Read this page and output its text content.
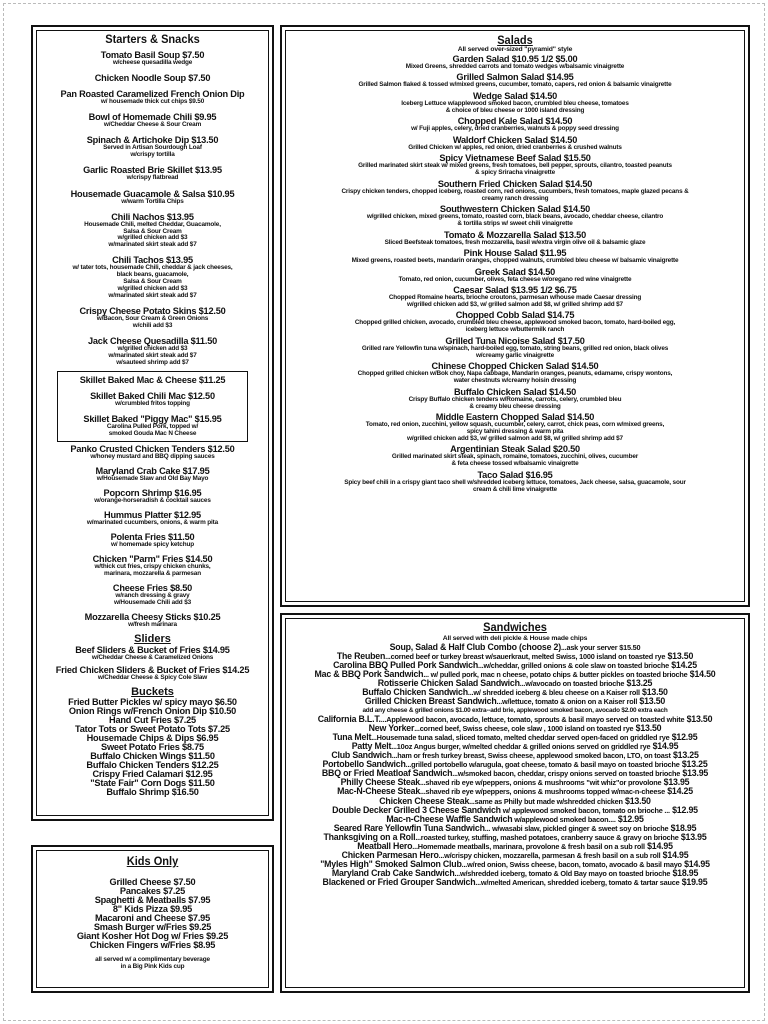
Starters & Snacks
Tomato Basil Soup $7.50
w/cheese quesadilla wedge
Chicken Noodle Soup $7.50
Pan Roasted Caramelized French Onion Dip
w/ housemade thick cut chips $9.50
Bowl of Homemade Chili $9.95
w/Cheddar Cheese & Sour Cream
Spinach & Artichoke Dip $13.50
Served in Artisan Sourdough Loaf
w/crispy tortilla
Garlic Roasted Brie Skillet $13.95
w/crispy flatbread
Housemade Guacamole & Salsa $10.95
w/warm Tortilla Chips
Chili Nachos $13.95
Housemade Chili, melted Cheddar, Guacamole,
Salsa & Sour Cream
w/grilled chicken add $3
w/marinated skirt steak add $7
Chili Tachos $13.95
w/ tater tots, housemade Chili, cheddar & jack cheeses,
black beans, guacamole,
Salsa & Sour Cream
w/grilled chicken add $3
w/marinated skirt steak add $7
Crispy Cheese Potato Skins $12.50
w/Bacon, Sour Cream & Green Onions
w/chili add $3
Jack Cheese Quesadilla $11.50
w/grilled chicken add $3
w/marinated skirt steak add $7
w/sauteed shrimp add $7
Skillet Baked Mac & Cheese $11.25
Skillet Baked Chili Mac $12.50
w/crumbled fritos topping
Skillet Baked "Piggy Mac" $15.95
Carolina Pulled Pork, topped w/
smoked Gouda Mac N Cheese
Panko Crusted Chicken Tenders $12.50
w/honey mustard and BBQ dipping sauces
Maryland Crab Cake $17.95
w/Housemade Slaw and Old Bay Mayo
Popcorn Shrimp $16.95
w/orange-horseradish & cocktail sauces
Hummus Platter $12.95
w/marinated cucumbers, onions, & warm pita
Polenta Fries $11.50
w/ homemade spicy ketchup
Chicken "Parm" Fries $14.50
w/thick cut fries, crispy chicken chunks,
marinara, mozzarella & parmesan
Cheese Fries $8.50
w/ranch dressing & gravy
w/Housemade Chili add $3
Mozzarella Cheesy Sticks $10.25
w/fresh marinara
Sliders
Beef Sliders & Bucket of Fries $14.95
w/Cheddar Cheese & Caramelized Onions
Fried Chicken Sliders & Bucket of Fries $14.25
w/Cheddar Cheese & Spicy Cole Slaw
Buckets
Fried Butter Pickles w/ spicy mayo $6.50
Onion Rings w/French Onion Dip $10.50
Hand Cut Fries $7.25
Tator Tots or Sweet Potato Tots $7.25
Housemade Chips & Dips $6.95
Sweet Potato Fries $8.75
Buffalo Chicken Wings $11.50
Buffalo Chicken Tenders $12.25
Crispy Fried Calamari $12.95
"State Fair" Corn Dogs $11.50
Buffalo Shrimp $16.50
Kids Only
Grilled Cheese $7.50
Pancakes $7.25
Spaghetti & Meatballs $7.95
8" Kids Pizza $9.95
Macaroni and Cheese $7.95
Smash Burger w/Fries $9.25
Giant Kosher Hot Dog w/ Fries $9.25
Chicken Fingers w/Fries $8.95
all served w/ a complimentary beverage
in a Big Pink Kids cup
Salads
All served over-sized "pyramid" style
Garden Salad $10.95 1/2 $5.00
Mixed Greens, shredded carrots and tomato wedges w/balsamic vinaigrette
Grilled Salmon Salad $14.95
Grilled Salmon flaked & tossed w/mixed greens, cucumber, tomato, capers, red onion & balsamic vinaigrette
Wedge Salad $14.50
Iceberg Lettuce w/applewood smoked bacon, crumbled bleu cheese, tomatoes
& choice of bleu cheese or 1000 island dressing
Chopped Kale Salad $14.50
w/ Fuji apples, celery, dried cranberries, walnuts & poppy seed dressing
Waldorf Chicken Salad $14.50
Grilled Chicken w/ apples, red onion, dried cranberries & crushed walnuts
Spicy Vietnamese Beef Salad $15.50
Grilled marinated skirt steak w/ mixed greens, fresh tomatoes, bell pepper, sprouts, cilantro, toasted peanuts
& spicy Sriracha vinaigrette
Southern Fried Chicken Salad $14.50
Crispy chicken tenders, chopped iceberg, roasted corn, red onions, cucumbers, fresh tomatoes, maple glazed pecans &
creamy ranch dressing
Southwestern Chicken Salad $14.50
w/grilled chicken, mixed greens, tomato, roasted corn, black beans, avocado, cheddar cheese, cilantro
& tortilla strips w/ sweet chili vinaigrette
Tomato & Mozzarella Salad $13.50
Sliced Beefsteak tomatoes, fresh mozzarella, basil w/extra virgin olive oil & balsamic glaze
Pink House Salad $11.95
Mixed greens, roasted beets, mandarin oranges, chopped walnuts, crumbled bleu cheese w/ balsamic vinaigrette
Greek Salad $14.50
Tomato, red onion, cucumber, olives, feta cheese w/oregano red wine vinaigrette
Caesar Salad $13.95 1/2 $6.75
Chopped Romaine hearts, brioche croutons, parmesan w/house made Caesar dressing
w/grilled chicken add $3, w/ grilled salmon add $8, w/ grilled shrimp add $7
Chopped Cobb Salad $14.75
Chopped grilled chicken, avocado, crumbled bleu cheese, applewood smoked bacon, tomato, hard-boiled egg,
iceberg lettuce w/buttermilk ranch
Grilled Tuna Nicoise Salad $17.50
Grilled rare Yellowfin tuna w/spinach, hard-boiled egg, tomato, string beans, grilled red onion, black olives
w/creamy garlic vinaigrette
Chinese Chopped Chicken Salad $14.50
Chopped grilled chicken w/Bok choy, Napa cabbage, Mandarin oranges, peanuts, edamame, crispy wontons,
water chestnuts w/creamy hoisin dressing
Buffalo Chicken Salad $14.50
Crispy Buffalo chicken tenders w/Romaine, carrots, celery, crumbled bleu
& creamy bleu cheese dressing
Middle Eastern Chopped Salad $14.50
Tomato, red onion, zucchini, yellow squash, cucumber, celery, carrot, chick peas, corn w/mixed greens,
spicy tahini dressing & warm pita
w/grilled chicken add $3, w/ grilled salmon add $8, w/ grilled shrimp add $7
Argentinian Steak Salad $20.50
Grilled marinated skirt steak, spinach, romaine, tomatoes, zucchini, olives, cucumber
& feta cheese tossed w/balsamic vinaigrette
Taco Salad $16.95
Spicy beef chili in a crispy giant taco shell w/shredded iceberg lettuce, tomatoes, Jack cheese, salsa, guacamole, sour
cream & chili lime vinaigrette
Sandwiches
All served with deli pickle & House made chips
Soup, Salad & Half Club Combo (choose 2)...ask your server $15.50
The Reuben...corned beef or turkey breast w/sauerkraut, melted Swiss, 1000 island on toasted rye $13.50
Carolina BBQ Pulled Pork Sandwich...w/cheddar, grilled onions & cole slaw on toasted brioche $14.25
Mac & BBQ Pork Sandwich... w/ pulled pork, mac n cheese, potato chips & butter pickles on toasted brioche $14.50
Rotisserie Chicken Salad Sandwich...w/avocado on toasted brioche $13.25
Buffalo Chicken Sandwich...w/ shredded iceberg & bleu cheese on a Kaiser roll $13.50
Grilled Chicken Breast Sandwich...w/lettuce, tomato & onion on a Kaiser roll $13.50
add any cheese & grilled onions $1.00 extra--add brie, applewood smoked bacon, avocado $2.00 extra each
California B.L.T....Applewood bacon, avocado, lettuce, tomato, sprouts & basil mayo served on toasted white $13.50
New Yorker...corned beef, Swiss cheese, cole slaw , 1000 island on toasted rye $13.50
Tuna Melt...Housemade tuna salad, sliced tomato, melted cheddar served open-faced on griddled rye $12.95
Patty Melt...10oz Angus burger, w/melted cheddar & grilled onions served on griddled rye $14.95
Club Sandwich...ham or fresh turkey breast, Swiss cheese, applewood smoked bacon, LTO, on toast $13.25
Portobello Sandwich...grilled portobello w/arugula, goat cheese, tomato & basil mayo on toasted brioche $13.25
BBQ or Fried Meatloaf Sandwich...w/smoked bacon, cheddar, crispy onions served on toasted brioche $13.95
Philly Cheese Steak...shaved rib eye w/peppers, onions & mushrooms "wit whiz"or provolone $13.95
Mac-N-Cheese Steak...shaved rib eye w/peppers, onions & mushrooms topped w/mac-n-cheese $14.25
Chicken Cheese Steak...same as Philly but made w/shredded chicken $13.50
Double Decker Grilled 3 Cheese Sandwich w/ applewood smoked bacon, tomato on brioche ... $12.95
Mac-n-Cheese Waffle Sandwich w/applewood smoked bacon.... $12.95
Seared Rare Yellowfin Tuna Sandwich... w/wasabi slaw, pickled ginger & sweet soy on brioche $18.95
Thanksgiving on a Roll...roasted turkey, stuffing, mashed potatoes, cranberry sauce & gravy on brioche $13.95
Meatball Hero...Homemade meatballs, marinara, provolone & fresh basil on a sub roll $14.95
Chicken Parmesan Hero...w/crispy chicken, mozzarella, parmesan & fresh basil on a sub roll $14.95
"Myles High" Smoked Salmon Club...w/red onion, Swiss cheese, bacon, tomato, avocado & basil mayo $14.95
Maryland Crab Cake Sandwich...w/shredded iceberg, tomato & Old Bay mayo on toasted brioche $18.95
Blackened or Fried Grouper Sandwich...w/melted American, shredded iceberg, tomato & tartar sauce $19.95
